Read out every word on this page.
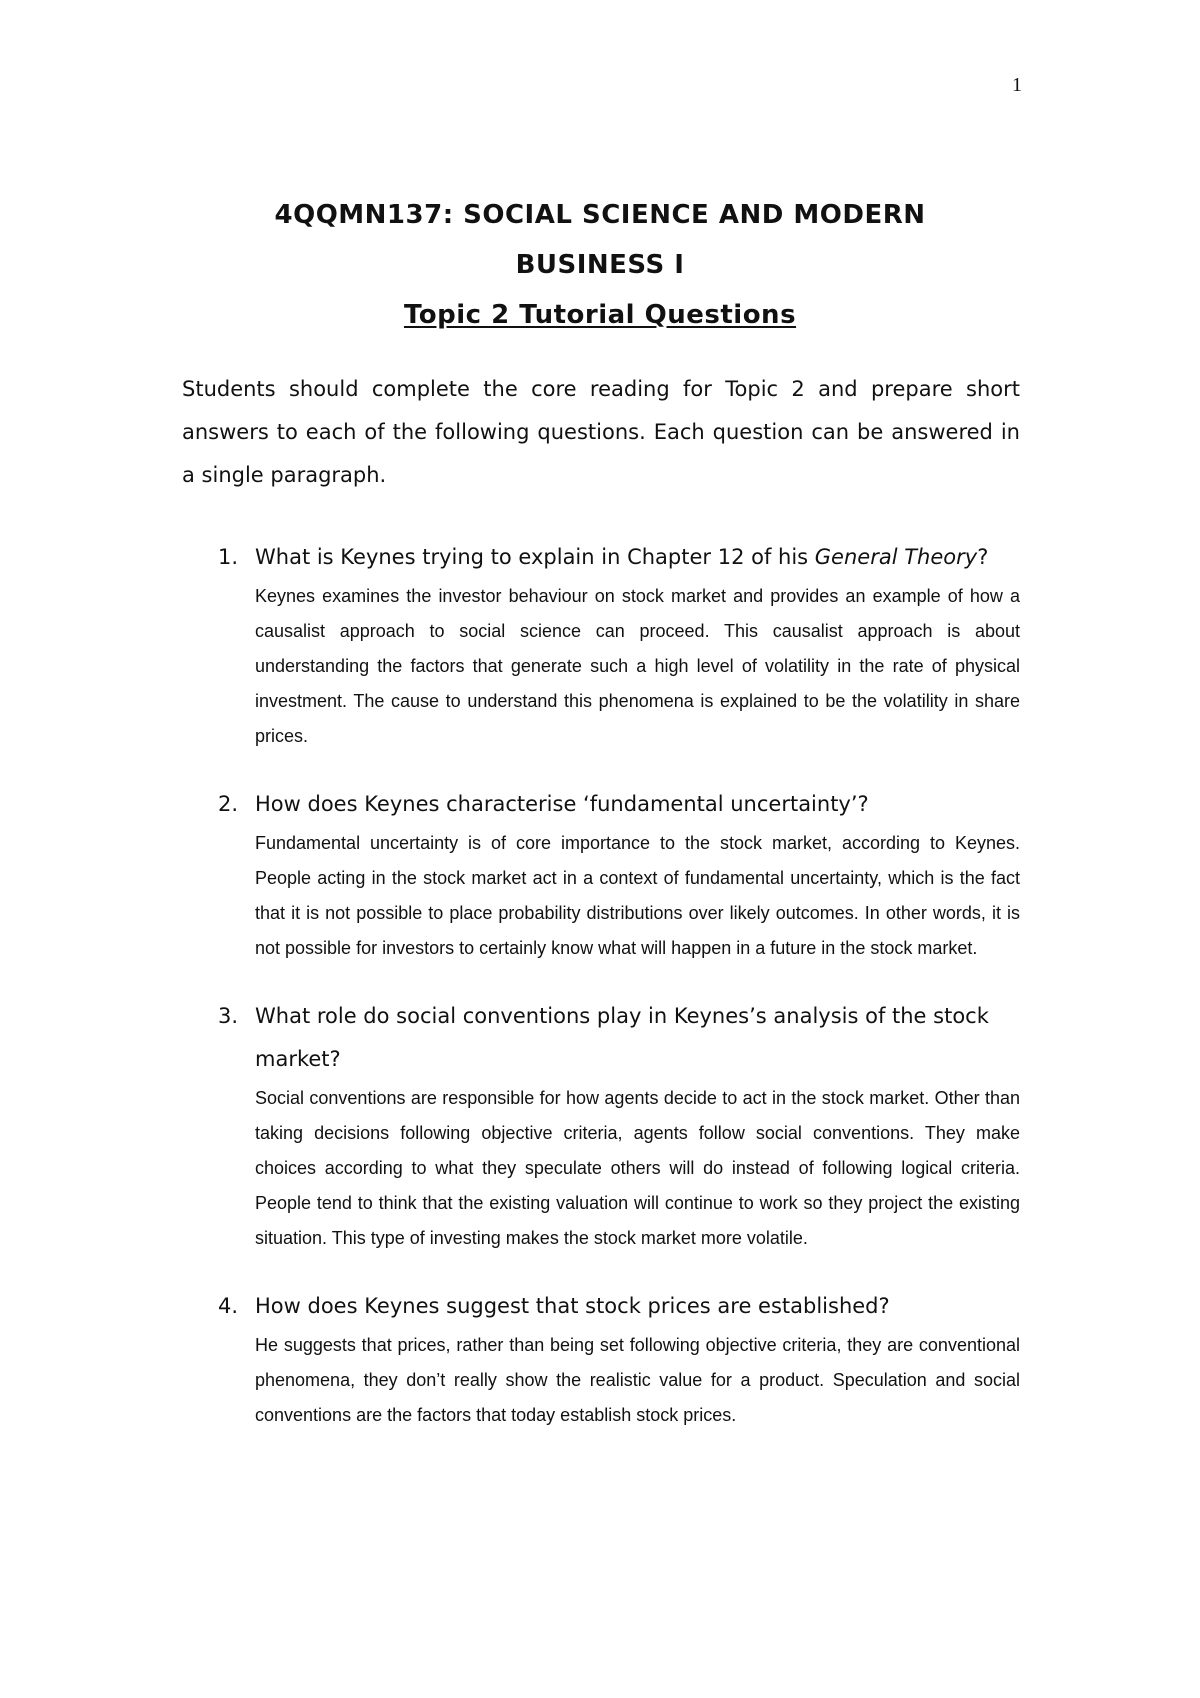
1
4QQMN137: SOCIAL SCIENCE AND MODERN
BUSINESS I
Topic 2 Tutorial Questions
Students should complete the core reading for Topic 2 and prepare short answers to each of the following questions. Each question can be answered in a single paragraph.
1. What is Keynes trying to explain in Chapter 12 of his General Theory?
Keynes examines the investor behaviour on stock market and provides an example of how a causalist approach to social science can proceed. This causalist approach is about understanding the factors that generate such a high level of volatility in the rate of physical investment. The cause to understand this phenomena is explained to be the volatility in share prices.
2. How does Keynes characterise ‘fundamental uncertainty’?
Fundamental uncertainty is of core importance to the stock market, according to Keynes. People acting in the stock market act in a context of fundamental uncertainty, which is the fact that it is not possible to place probability distributions over likely outcomes. In other words, it is not possible for investors to certainly know what will happen in a future in the stock market.
3. What role do social conventions play in Keynes’s analysis of the stock market?
Social conventions are responsible for how agents decide to act in the stock market. Other than taking decisions following objective criteria, agents follow social conventions. They make choices according to what they speculate others will do instead of following logical criteria. People tend to think that the existing valuation will continue to work so they project the existing situation. This type of investing makes the stock market more volatile.
4. How does Keynes suggest that stock prices are established?
He suggests that prices, rather than being set following objective criteria, they are conventional phenomena, they don’t really show the realistic value for a product. Speculation and social conventions are the factors that today establish stock prices.
